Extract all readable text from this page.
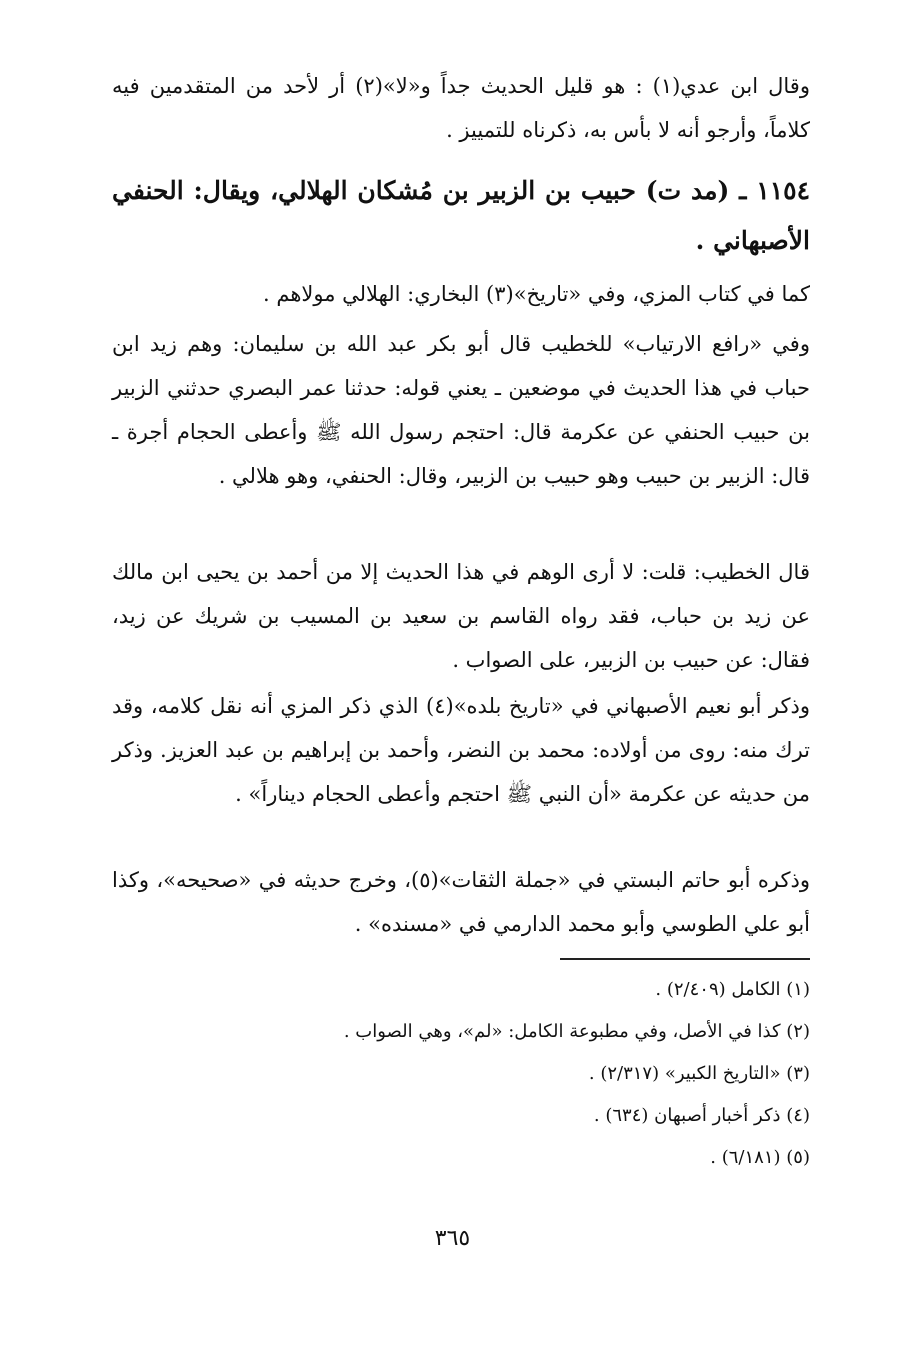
وقال ابن عدي(١) : هو قليل الحديث جداً و«لا»(٢) أر لأحد من المتقدمين فيه كلاماً، وأرجو أنه لا بأس به، ذكرناه للتمييز .

١١٥٤ ـ (مد ت) حبيب بن الزبير بن مُشكان الهلالي، ويقال: الحنفي الأصبهاني .

كما في كتاب المزي، وفي «تاريخ»(٣) البخاري: الهلالي مولاهم .

وفي «رافع الارتياب» للخطيب قال أبو بكر عبد الله بن سليمان: وهم زيد ابن حباب في هذا الحديث في موضعين ـ يعني قوله: حدثنا عمر البصري حدثني الزبير بن حبيب الحنفي عن عكرمة قال: احتجم رسول الله ﷺ وأعطى الحجام أجرة ـ قال: الزبير بن حبيب وهو حبيب بن الزبير، وقال: الحنفي، وهو هلالي .

قال الخطيب: قلت: لا أرى الوهم في هذا الحديث إلا من أحمد بن يحيى ابن مالك عن زيد بن حباب، فقد رواه القاسم بن سعيد بن المسيب بن شريك عن زيد، فقال: عن حبيب بن الزبير، على الصواب .

وذكر أبو نعيم الأصبهاني في «تاريخ بلده»(٤) الذي ذكر المزي أنه نقل كلامه، وقد ترك منه: روى من أولاده: محمد بن النضر، وأحمد بن إبراهيم بن عبد العزيز. وذكر من حديثه عن عكرمة «أن النبي ﷺ احتجم وأعطى الحجام ديناراً» .

وذكره أبو حاتم البستي في «جملة الثقات»(٥)، وخرج حديثه في «صحيحه»، وكذا أبو علي الطوسي وأبو محمد الدارمي في «مسنده» .

(١) الكامل (٢/٤٠٩) .
(٢) كذا في الأصل، وفي مطبوعة الكامل: «لم»، وهي الصواب .
(٣) «التاريخ الكبير» (٢/٣١٧) .
(٤) ذكر أخبار أصبهان (٦٣٤) .
(٥) (٦/١٨١) .
٣٦٥
